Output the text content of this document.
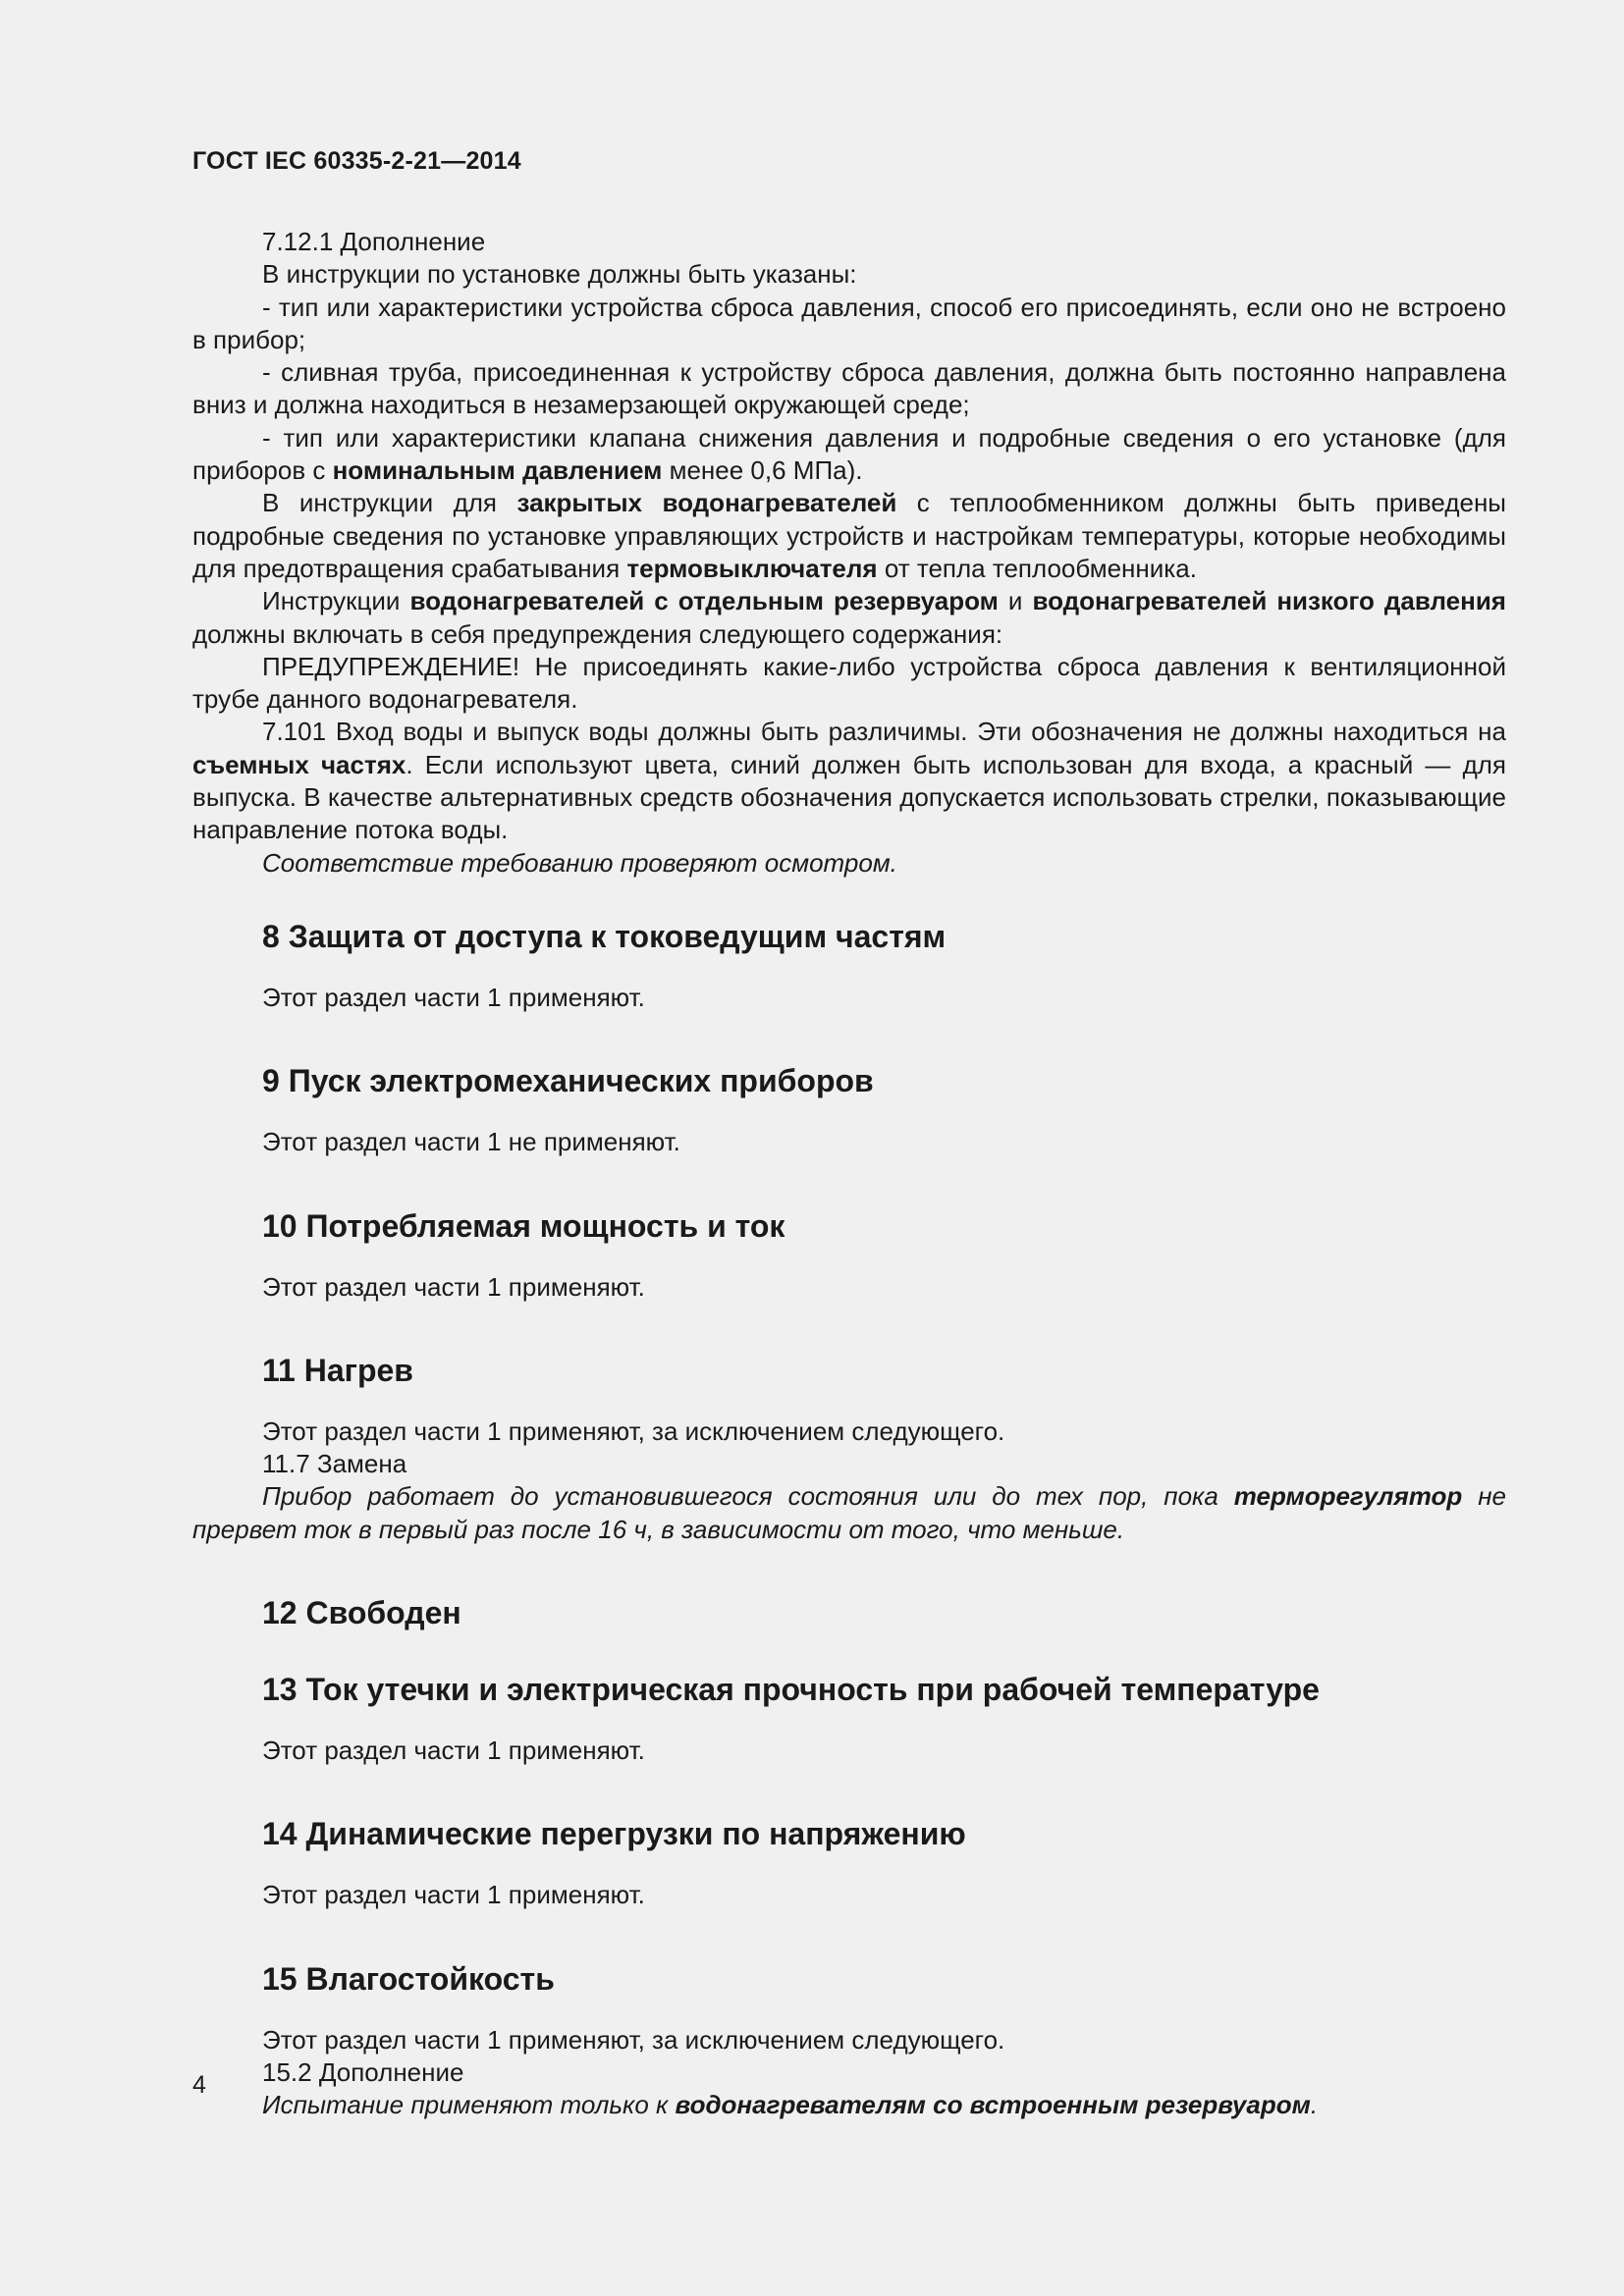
ГОСТ IEC 60335-2-21—2014

7.12.1 Дополнение

В инструкции по установке должны быть указаны:

- тип или характеристики устройства сброса давления, способ его присоединять, если оно не встроено в прибор;

- сливная труба, присоединенная к устройству сброса давления, должна быть постоянно направлена вниз и должна находиться в незамерзающей окружающей среде;

- тип или характеристики клапана снижения давления и подробные сведения о его установке (для приборов с номинальным давлением менее 0,6 МПа).

В инструкции для закрытых водонагревателей с теплообменником должны быть приведены подробные сведения по установке управляющих устройств и настройкам температуры, которые необходимы для предотвращения срабатывания термовыключателя от тепла теплообменника.

Инструкции водонагревателей с отдельным резервуаром и водонагревателей низкого давления должны включать в себя предупреждения следующего содержания:

ПРЕДУПРЕЖДЕНИЕ! Не присоединять какие-либо устройства сброса давления к вентиляционной трубе данного водонагревателя.

7.101 Вход воды и выпуск воды должны быть различимы. Эти обозначения не должны находиться на съемных частях. Если используют цвета, синий должен быть использован для входа, а красный — для выпуска. В качестве альтернативных средств обозначения допускается использовать стрелки, показывающие направление потока воды.

Соответствие требованию проверяют осмотром.

8 Защита от доступа к токоведущим частям

Этот раздел части 1 применяют.

9 Пуск электромеханических приборов

Этот раздел части 1 не применяют.

10 Потребляемая мощность и ток

Этот раздел части 1 применяют.

11 Нагрев

Этот раздел части 1 применяют, за исключением следующего.

11.7 Замена

Прибор работает до установившегося состояния или до тех пор, пока терморегулятор не прервет ток в первый раз после 16 ч, в зависимости от того, что меньше.

12 Свободен
13 Ток утечки и электрическая прочность при рабочей температуре

Этот раздел части 1 применяют.

14 Динамические перегрузки по напряжению

Этот раздел части 1 применяют.

15 Влагостойкость

Этот раздел части 1 применяют, за исключением следующего.

15.2 Дополнение

Испытание применяют только к водонагревателям со встроенным резервуаром.

4
